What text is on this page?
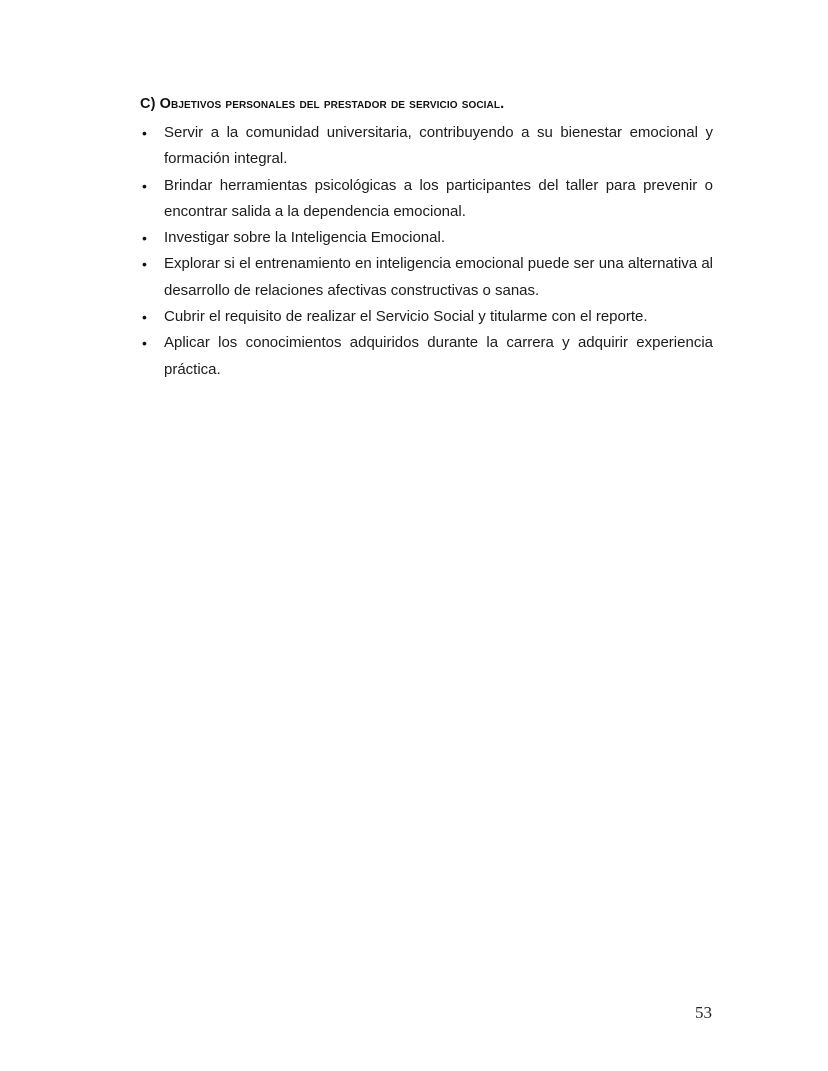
C) Objetivos personales del prestador de servicio social.
• Servir a la comunidad universitaria, contribuyendo a su bienestar emocional y formación integral.
• Brindar herramientas psicológicas a los participantes del taller para prevenir o encontrar salida a la dependencia emocional.
• Investigar sobre la Inteligencia Emocional.
• Explorar si el entrenamiento en inteligencia emocional puede ser una alternativa al desarrollo de relaciones afectivas constructivas o sanas.
• Cubrir el requisito de realizar el Servicio Social y titularme con el reporte.
• Aplicar los conocimientos adquiridos durante la carrera y adquirir experiencia práctica.
53
